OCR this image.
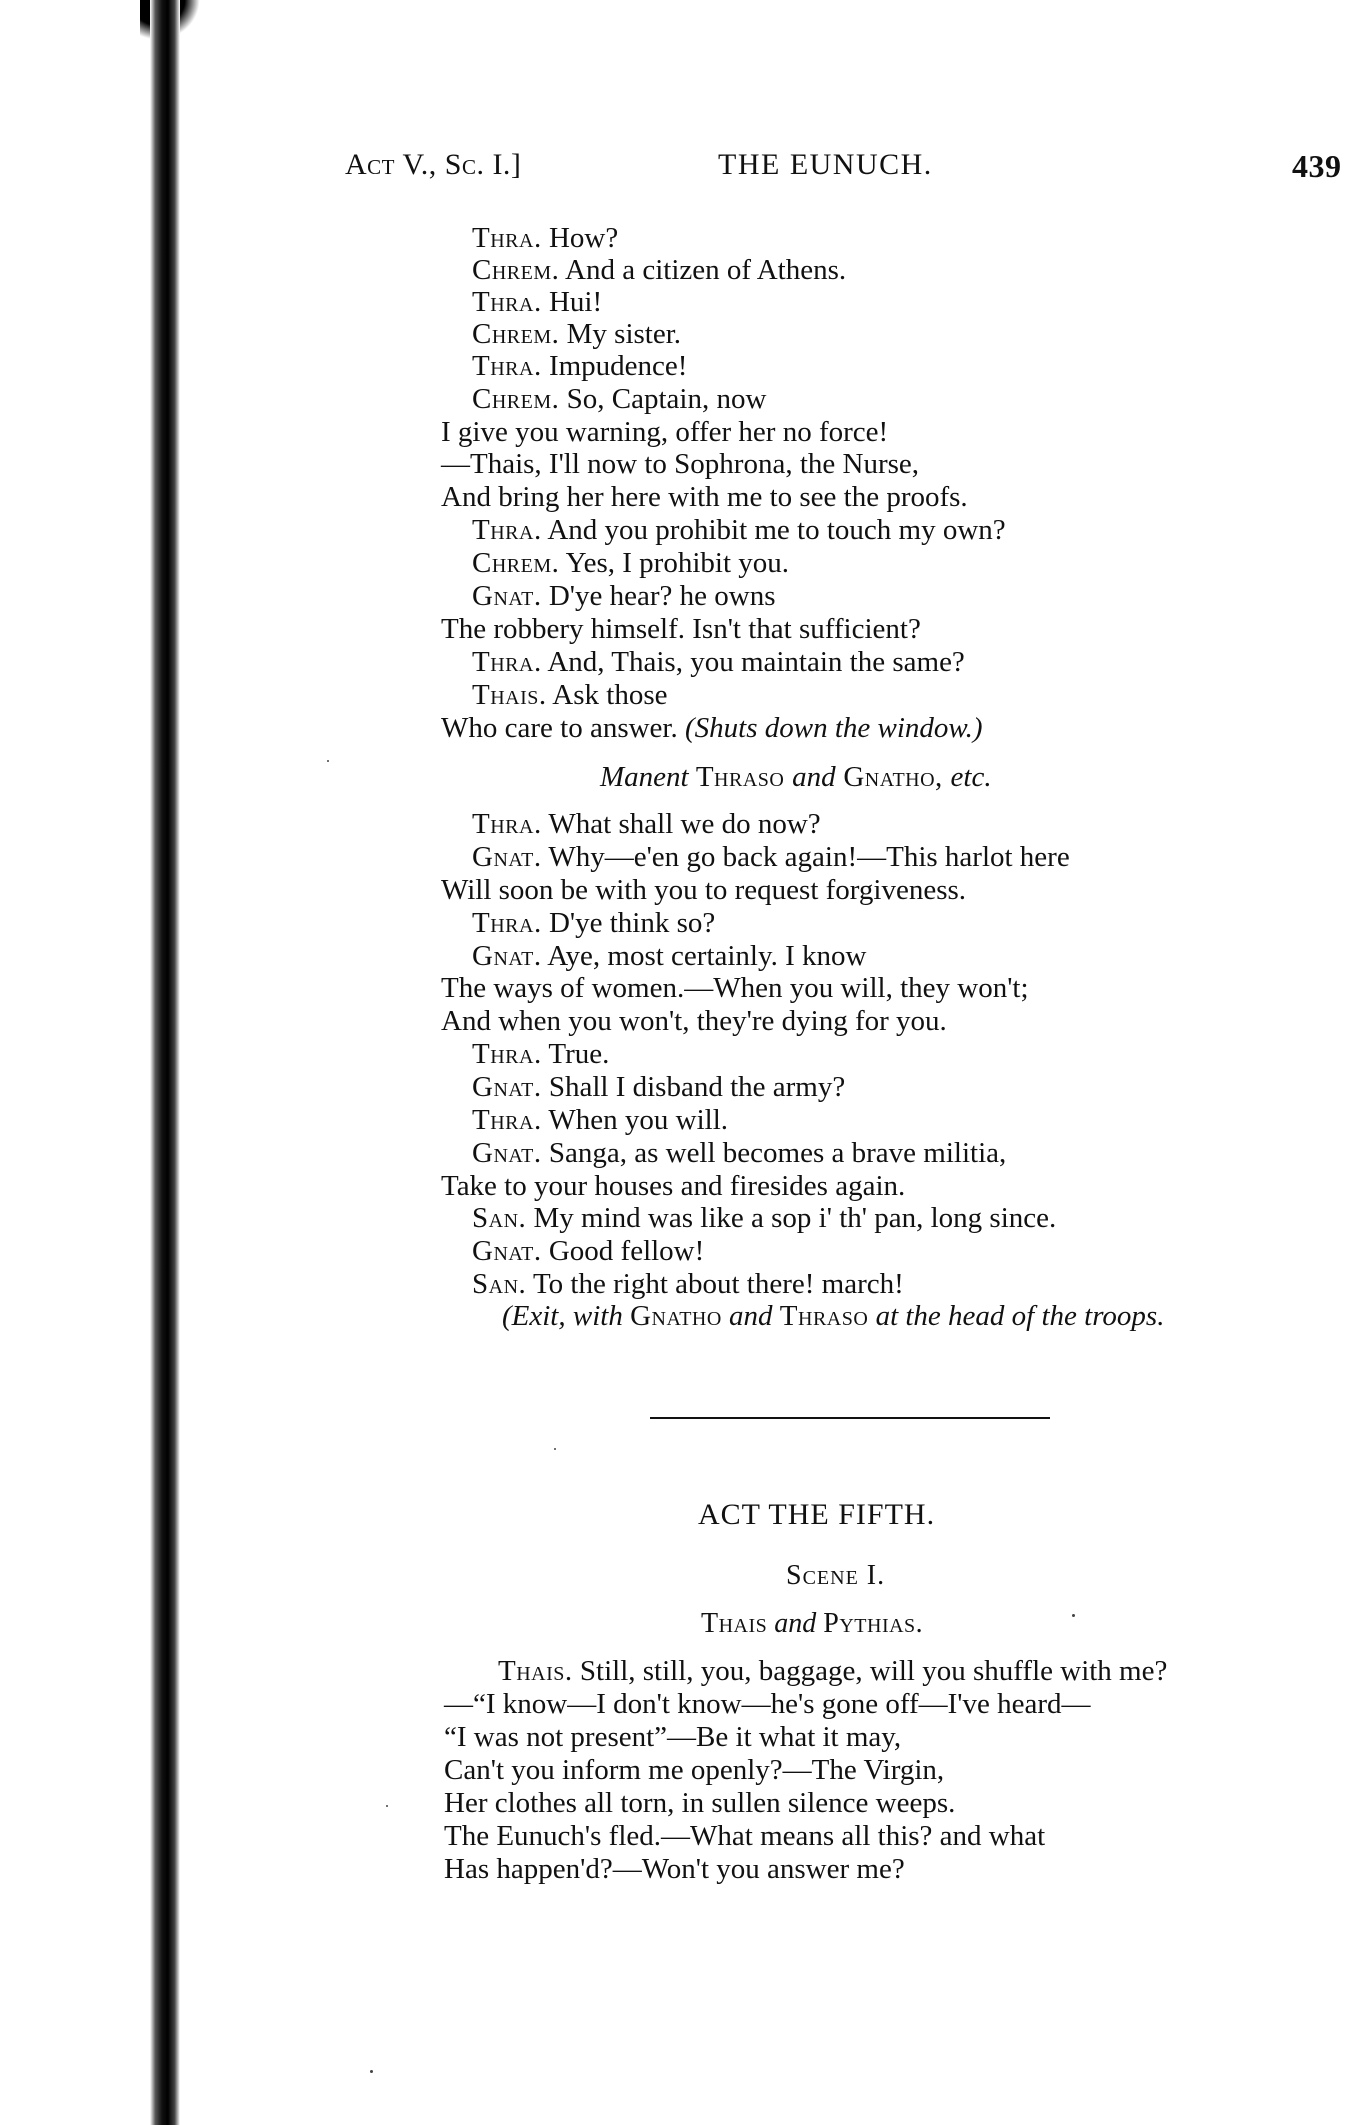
Act V., Sc. I.]	THE EUNUCH.	439
Thra. How?
Chrem. And a citizen of Athens.
Thra. Hui!
Chrem. My sister.
Thra. Impudence!
Chrem. So, Captain, now
I give you warning, offer her no force!
—Thais, I'll now to Sophrona, the Nurse,
And bring her here with me to see the proofs.
Thra. And you prohibit me to touch my own?
Chrem. Yes, I prohibit you.
Gnat. D'ye hear? he owns
The robbery himself. Isn't that sufficient?
Thra. And, Thais, you maintain the same?
Thais. Ask those
Who care to answer. (Shuts down the window.)
Manent Thraso and Gnatho, etc.
Thra. What shall we do now?
Gnat. Why—e'en go back again!—This harlot here
Will soon be with you to request forgiveness.
Thra. D'ye think so?
Gnat. Aye, most certainly. I know
The ways of women.—When you will, they won't;
And when you won't, they're dying for you.
Thra. True.
Gnat. Shall I disband the army?
Thra. When you will.
Gnat. Sanga, as well becomes a brave militia,
Take to your houses and firesides again.
San. My mind was like a sop i' th' pan, long since.
Gnat. Good fellow!
San. To the right about there! march!
(Exit, with Gnatho and Thraso at the head of the troops.
ACT THE FIFTH.
Scene I.
Thais and Pythias.
Thais. Still, still, you, baggage, will you shuffle with me?
—“I know—I don't know—he's gone off—I've heard—
“I was not present”—Be it what it may,
Can't you inform me openly?—The Virgin,
Her clothes all torn, in sullen silence weeps.
The Eunuch's fled.—What means all this? and what
Has happen'd?—Won't you answer me?
